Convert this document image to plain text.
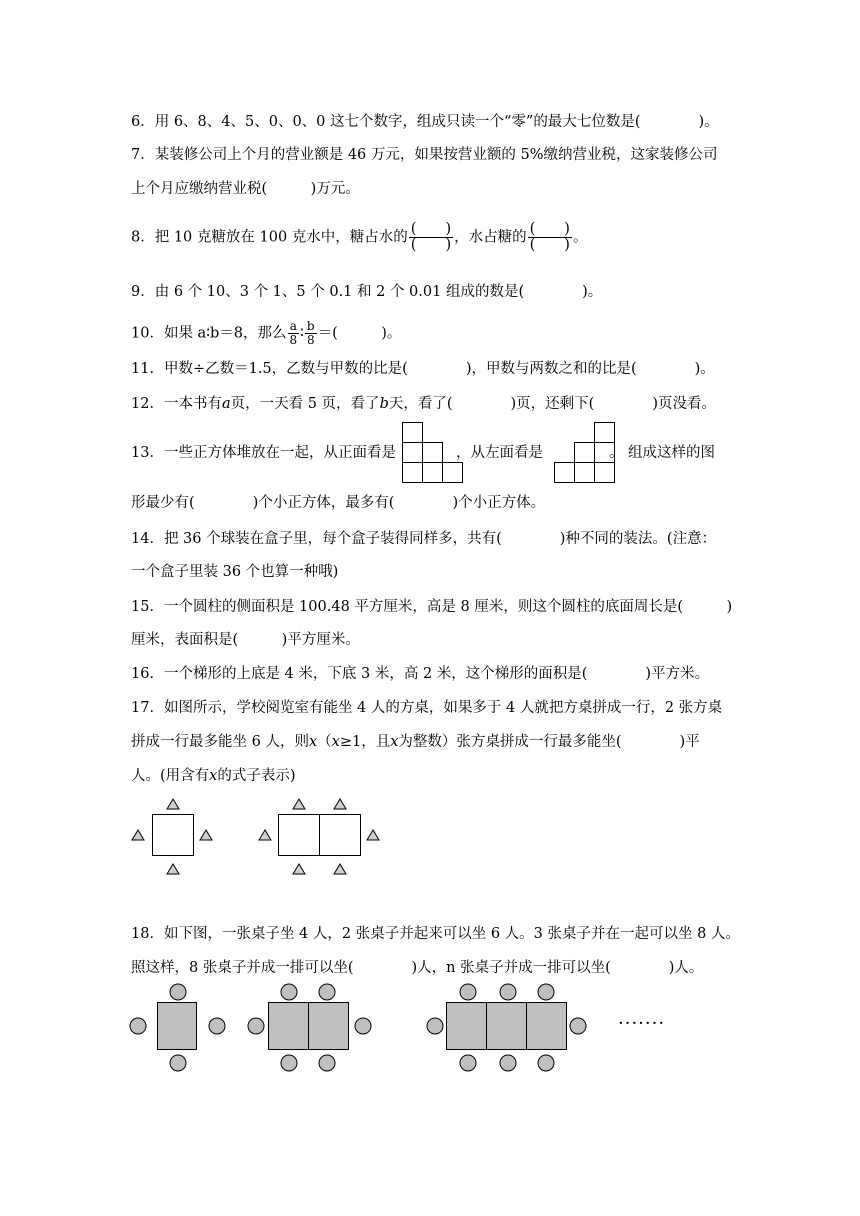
6．用 6、8、4、5、0、0、0 这七个数字，组成只读一个“零”的最大七位数是(　　　　)。
7．某装修公司上个月的营业额是 46 万元，如果按营业额的 5%缴纳营业税，这家装修公司
上个月应缴纳营业税(　　　)万元。
8．把 10 克糖放在 100 克水中，糖占水的 $\frac{( )}{( )}$ ，水占糖的 $\frac{( )}{( )}$ 。
9．由 6 个 10、3 个 1、5 个 0.1 和 2 个 0.01 组成的数是(　　　　)。
10．如果 a∶b＝8，那么 $\frac{a}{8}$ ∶ $\frac{b}{8}$ ＝(　　　)。
11．甲数÷乙数＝1.5，乙数与甲数的比是(　　　　)，甲数与两数之和的比是(　　　　)。
12．一本书有a页，一天看 5 页，看了b天，看了(　　　　)页，还剩下(　　　　)页没看。
13．一些正方体堆放在一起，从正面看是	，从左面看是	。 组成这样的图
形最少有(　　　　)个小正方体，最多有(　　　　)个小正方体。
14．把 36 个球装在盒子里，每个盒子装得同样多，共有(　　　　)种不同的装法。(注意：
一个盒子里装 36 个也算一种哦)
15．一个圆柱的侧面积是 100.48 平方厘米，高是 8 厘米，则这个圆柱的底面周长是(　　　)
厘米，表面积是(　　　)平方厘米。
16．一个梯形的上底是 4 米，下底 3 米，高 2 米，这个梯形的面积是(　　　　)平方米。
17．如图所示，学校阅览室有能坐 4 人的方桌，如果多于 4 人就把方桌拼成一行，2 张方桌
拼成一行最多能坐 6 人，则x（x≥1，且x为整数）张方桌拼成一行最多能坐(　　　　)平
人。(用含有x的式子表示)
18．如下图，一张桌子坐 4 人，2 张桌子并起来可以坐 6 人。3 张桌子并在一起可以坐 8 人。
照这样，8 张桌子并成一排可以坐(　　　　)人，n 张桌子并成一排可以坐(　　　　)人。
·······
